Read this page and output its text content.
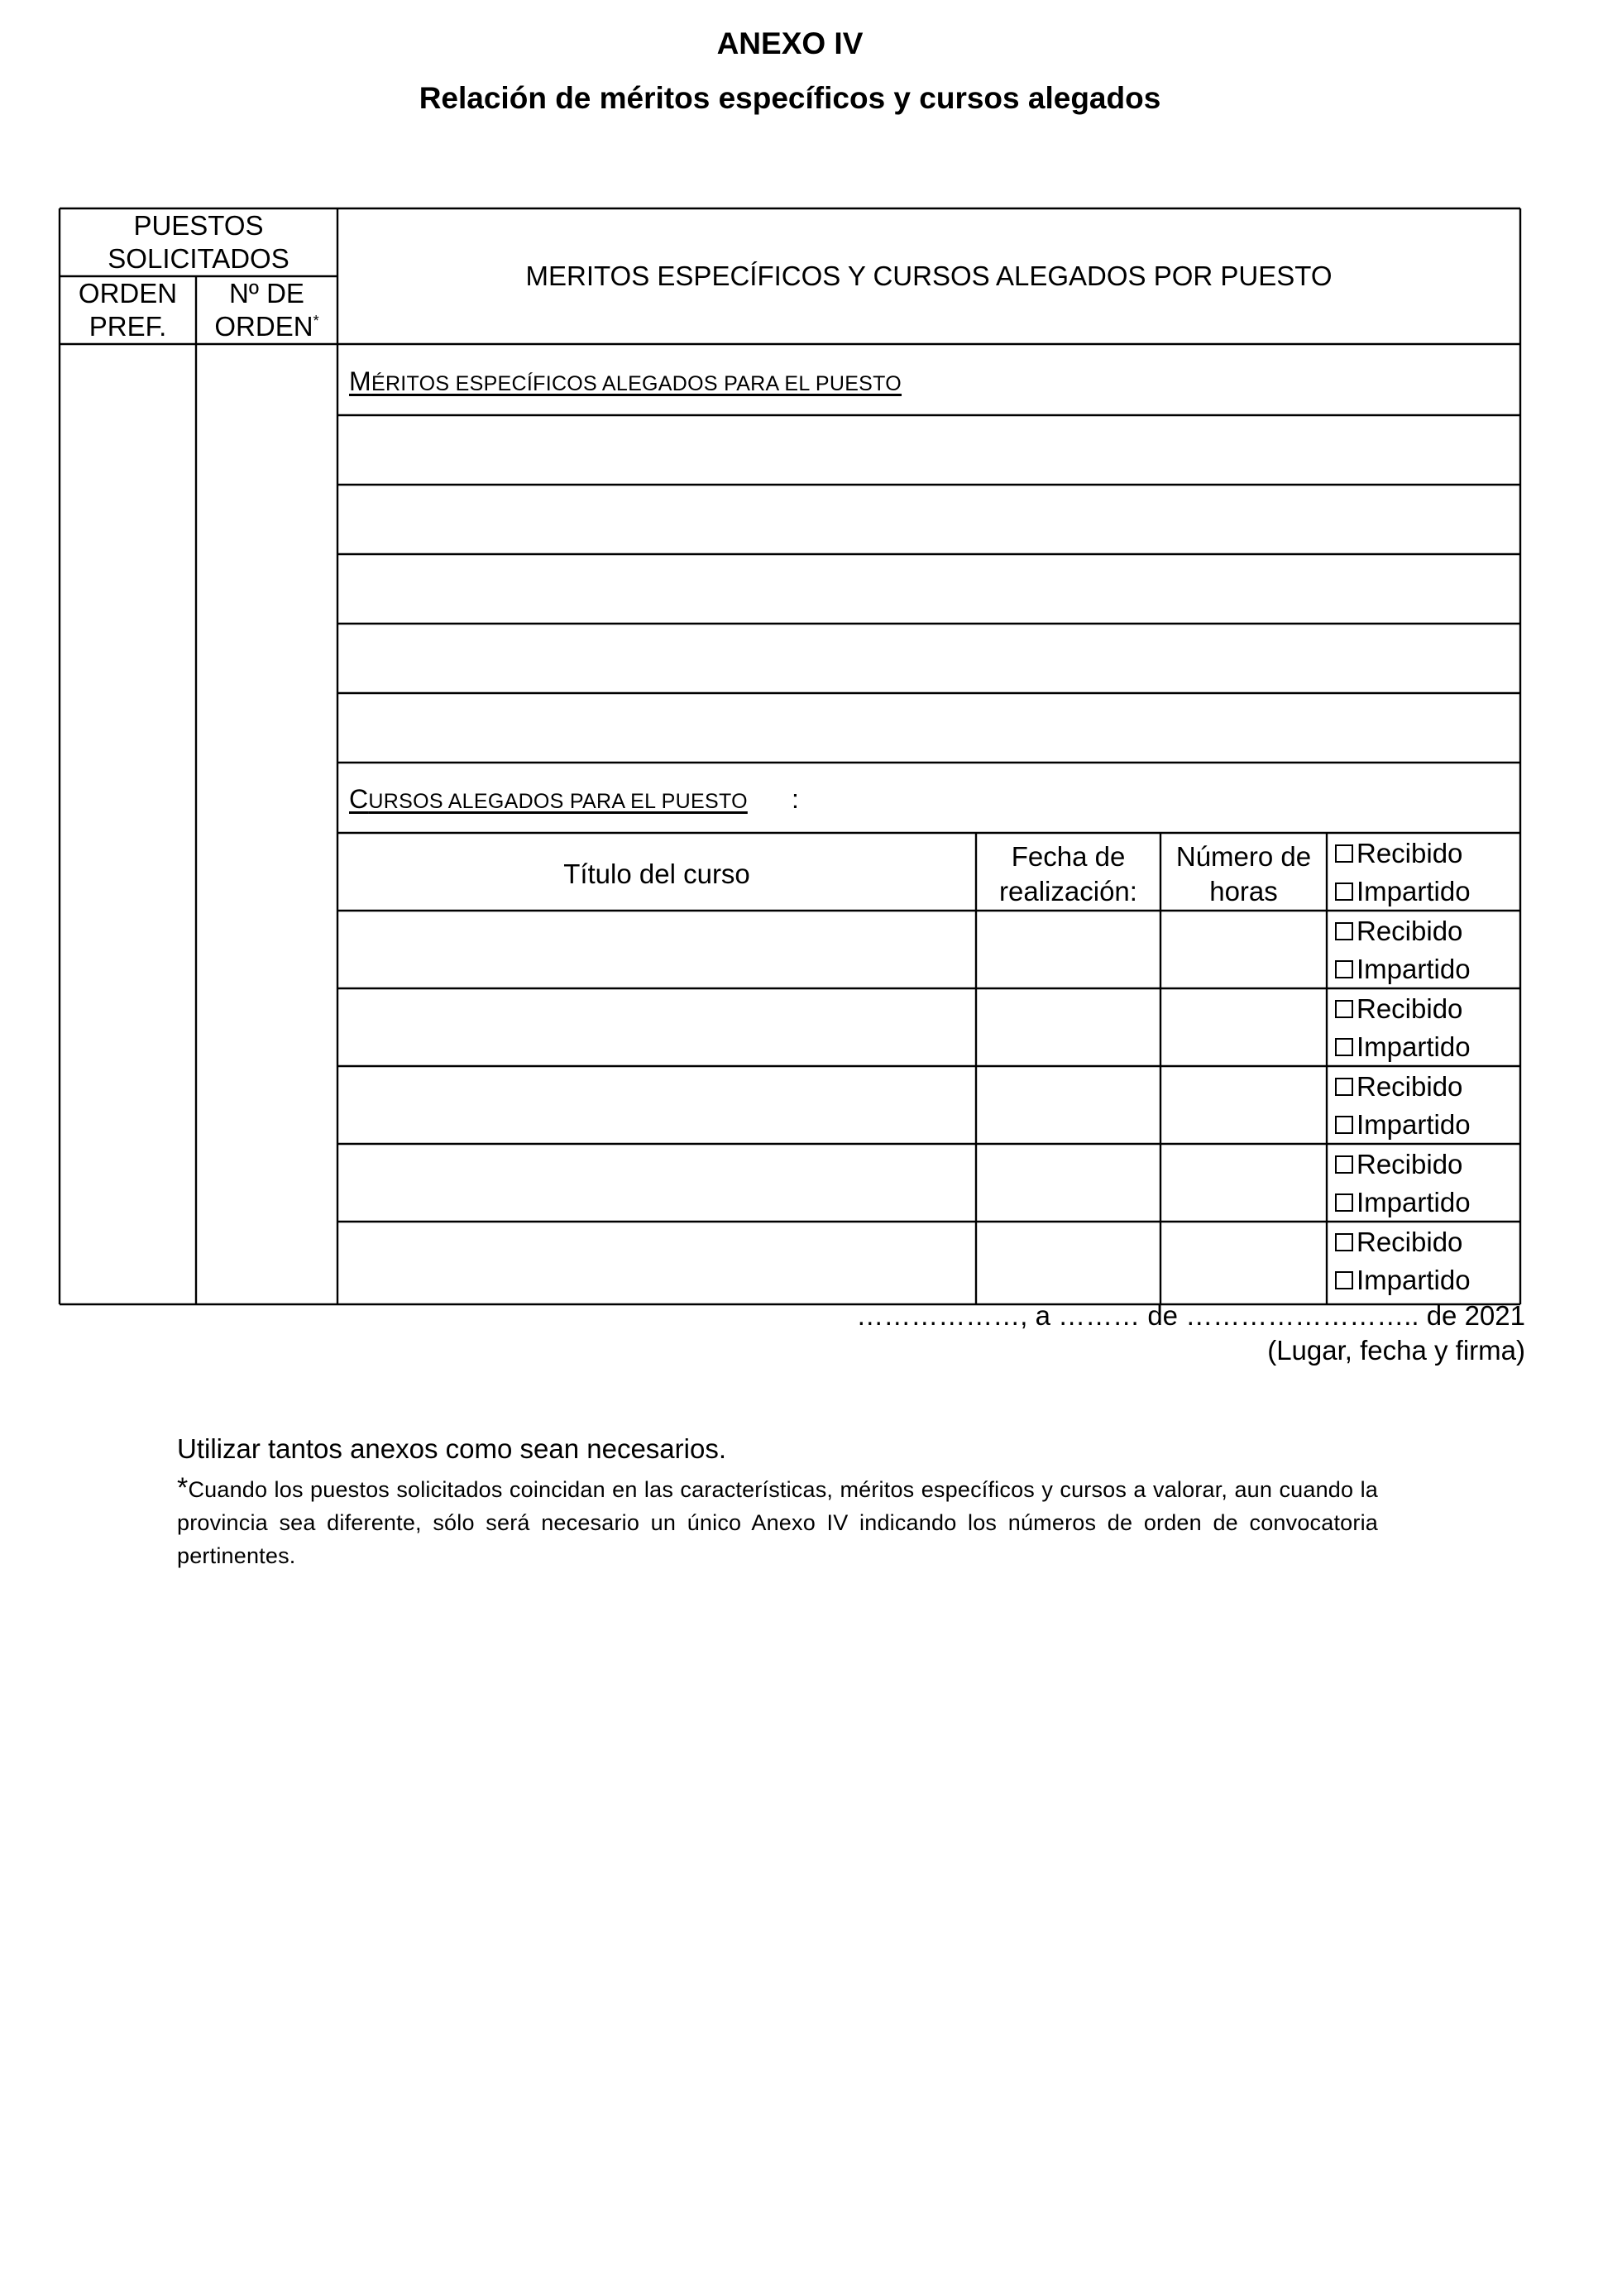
ANEXO IV
Relación de méritos específicos y cursos alegados
PUESTOS SOLICITADOS
ORDEN PREF.
Nº DE ORDEN*
MERITOS ESPECÍFICOS Y CURSOS ALEGADOS POR PUESTO
MÉRITOS ESPECÍFICOS ALEGADOS PARA EL PUESTO
CURSOS ALEGADOS PARA EL PUESTO :
Título del curso
Fecha de realización:
Número de horas
Recibido
Impartido
Recibido
Impartido
Recibido
Impartido
Recibido
Impartido
Recibido
Impartido
Recibido
Impartido
………………, a ……… de …………………….. de 2021
(Lugar, fecha y firma)
Utilizar tantos anexos como sean necesarios.
*Cuando los puestos solicitados coincidan en las características, méritos específicos y cursos a valorar, aun cuando la provincia sea diferente, sólo será necesario un único Anexo IV indicando los números de orden de convocatoria pertinentes.
